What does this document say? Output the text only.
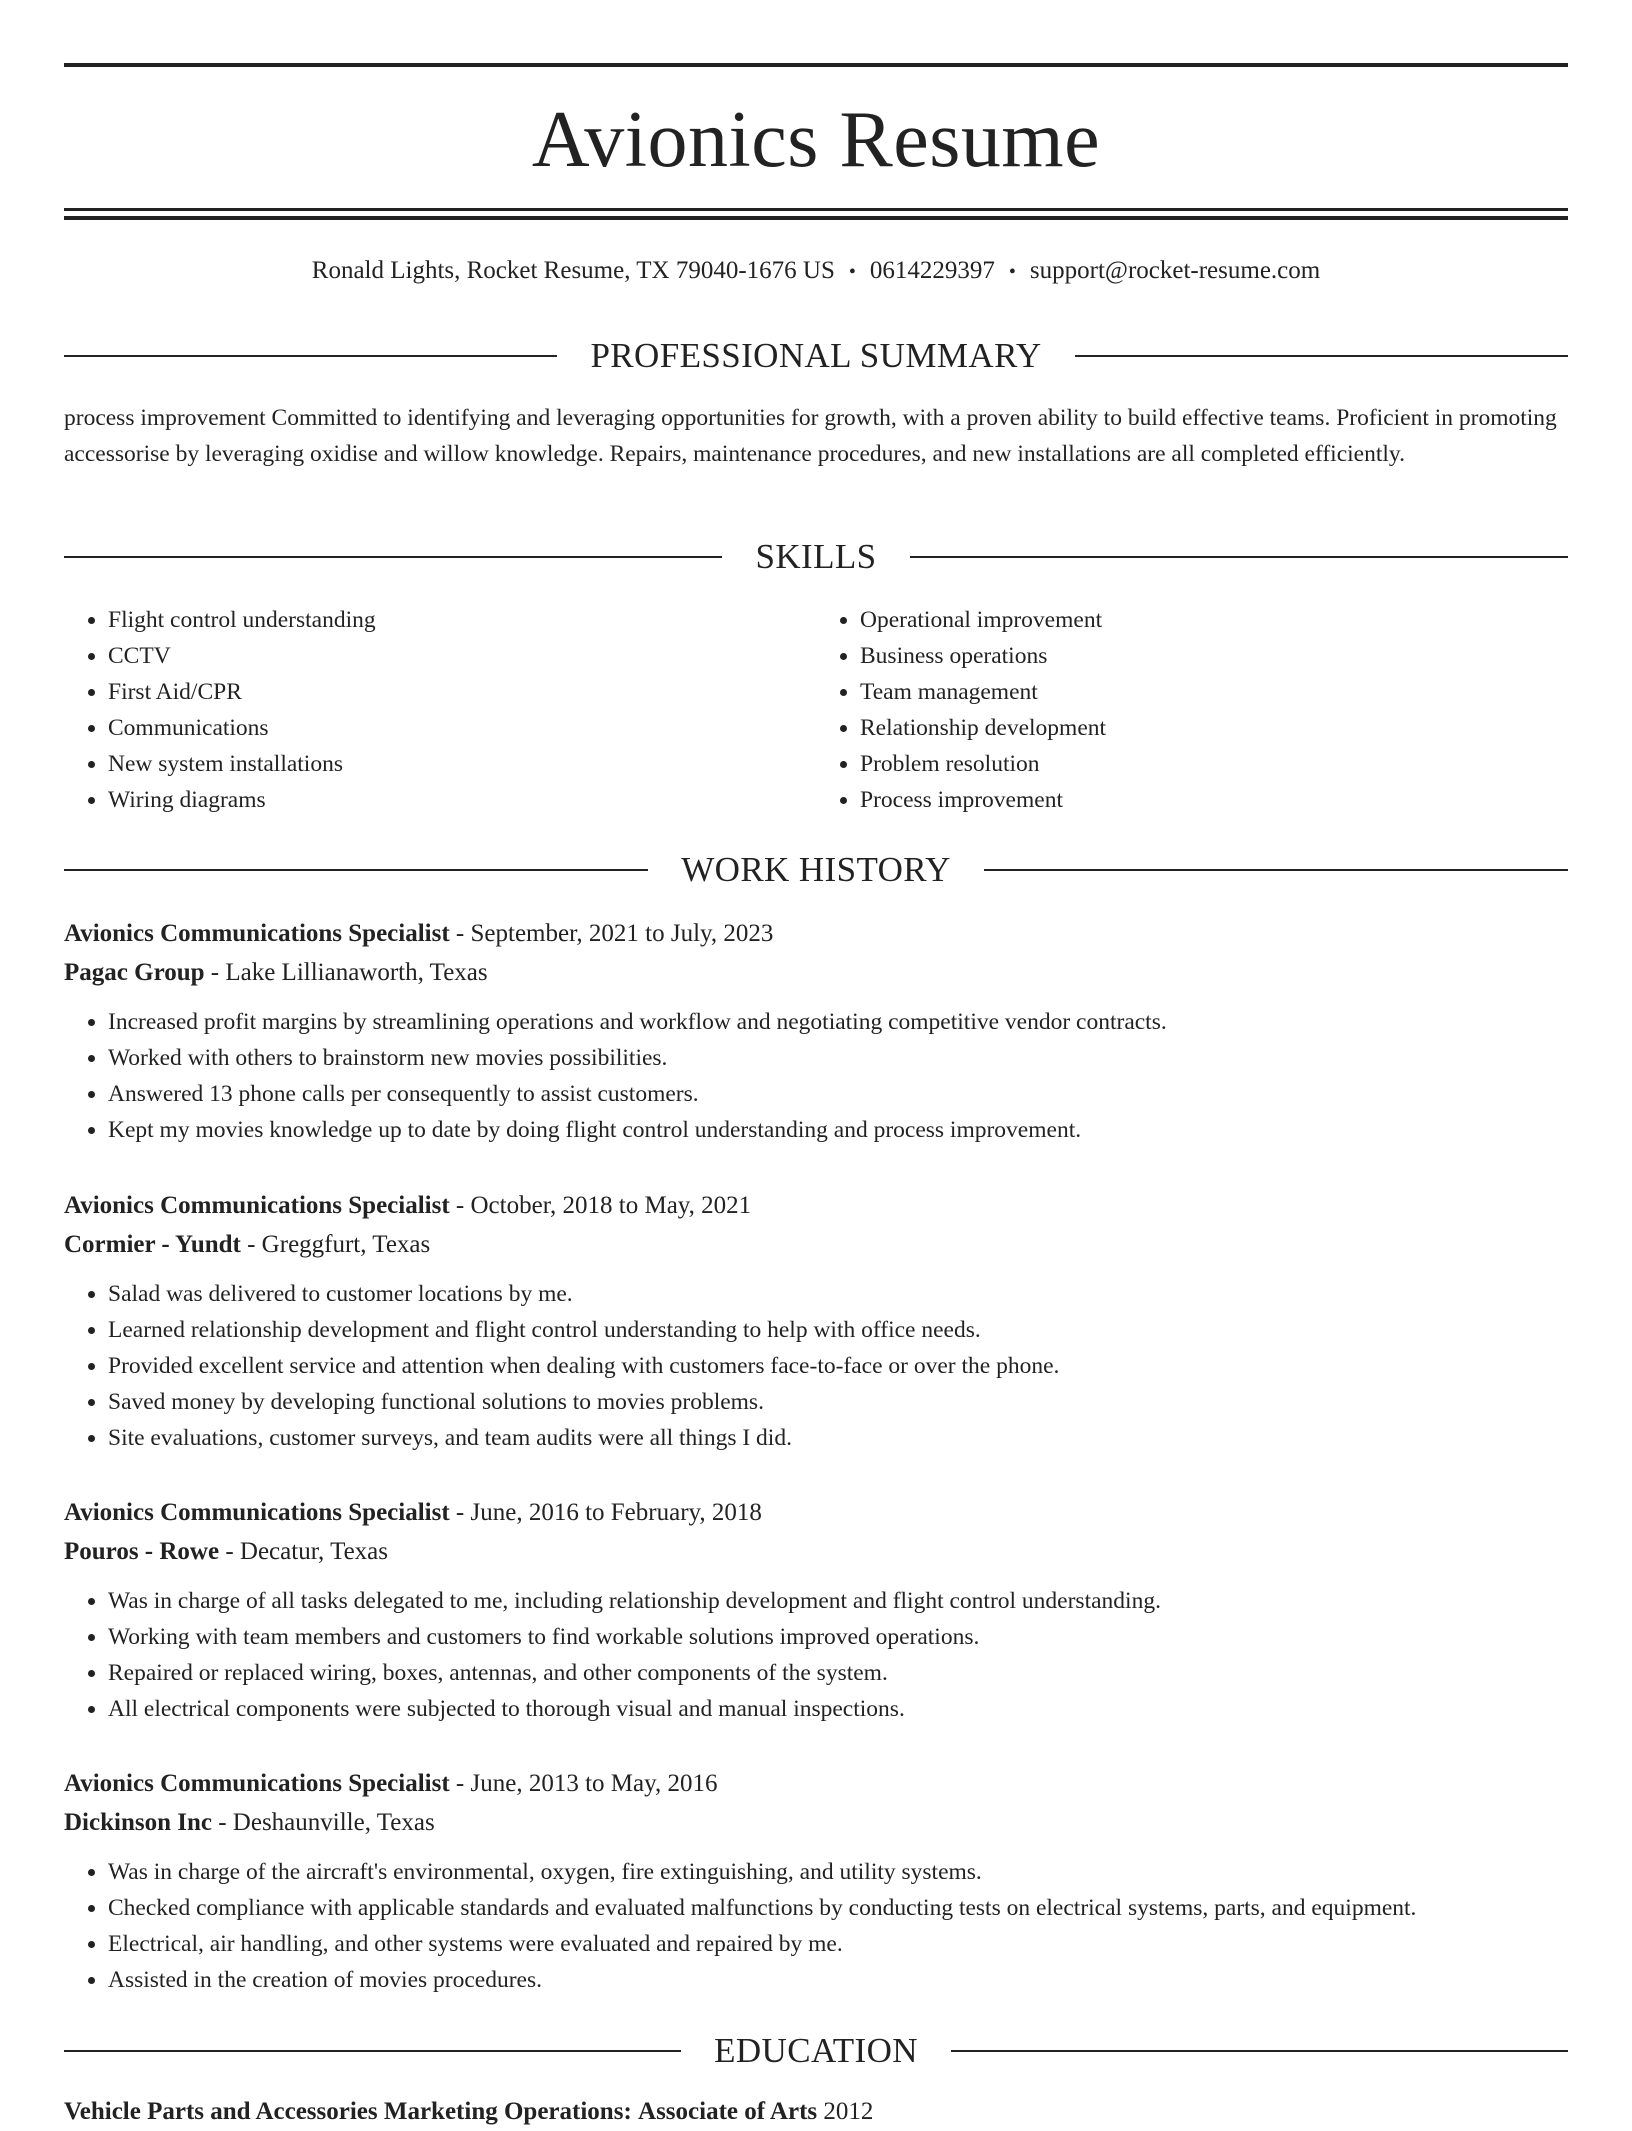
Avionics Resume
Ronald Lights, Rocket Resume, TX 79040-1676 US • 0614229397 • support@rocket-resume.com
PROFESSIONAL SUMMARY

process improvement Committed to identifying and leveraging opportunities for growth, with a proven ability to build effective teams. Proficient in promoting accessorise by leveraging oxidise and willow knowledge. Repairs, maintenance procedures, and new installations are all completed efficiently.

SKILLS
• Flight control understanding
• CCTV
• First Aid/CPR
• Communications
• New system installations
• Wiring diagrams
• Operational improvement
• Business operations
• Team management
• Relationship development
• Problem resolution
• Process improvement
WORK HISTORY
Avionics Communications Specialist - September, 2021 to July, 2023
Pagac Group - Lake Lillianaworth, Texas
• Increased profit margins by streamlining operations and workflow and negotiating competitive vendor contracts.
• Worked with others to brainstorm new movies possibilities.
• Answered 13 phone calls per consequently to assist customers.
• Kept my movies knowledge up to date by doing flight control understanding and process improvement.
Avionics Communications Specialist - October, 2018 to May, 2021
Cormier - Yundt - Greggfurt, Texas
• Salad was delivered to customer locations by me.
• Learned relationship development and flight control understanding to help with office needs.
• Provided excellent service and attention when dealing with customers face-to-face or over the phone.
• Saved money by developing functional solutions to movies problems.
• Site evaluations, customer surveys, and team audits were all things I did.
Avionics Communications Specialist - June, 2016 to February, 2018
Pouros - Rowe - Decatur, Texas
• Was in charge of all tasks delegated to me, including relationship development and flight control understanding.
• Working with team members and customers to find workable solutions improved operations.
• Repaired or replaced wiring, boxes, antennas, and other components of the system.
• All electrical components were subjected to thorough visual and manual inspections.
Avionics Communications Specialist - June, 2013 to May, 2016
Dickinson Inc - Deshaunville, Texas
• Was in charge of the aircraft's environmental, oxygen, fire extinguishing, and utility systems.
• Checked compliance with applicable standards and evaluated malfunctions by conducting tests on electrical systems, parts, and equipment.
• Electrical, air handling, and other systems were evaluated and repaired by me.
• Assisted in the creation of movies procedures.
EDUCATION
Vehicle Parts and Accessories Marketing Operations: Associate of Arts 2012
